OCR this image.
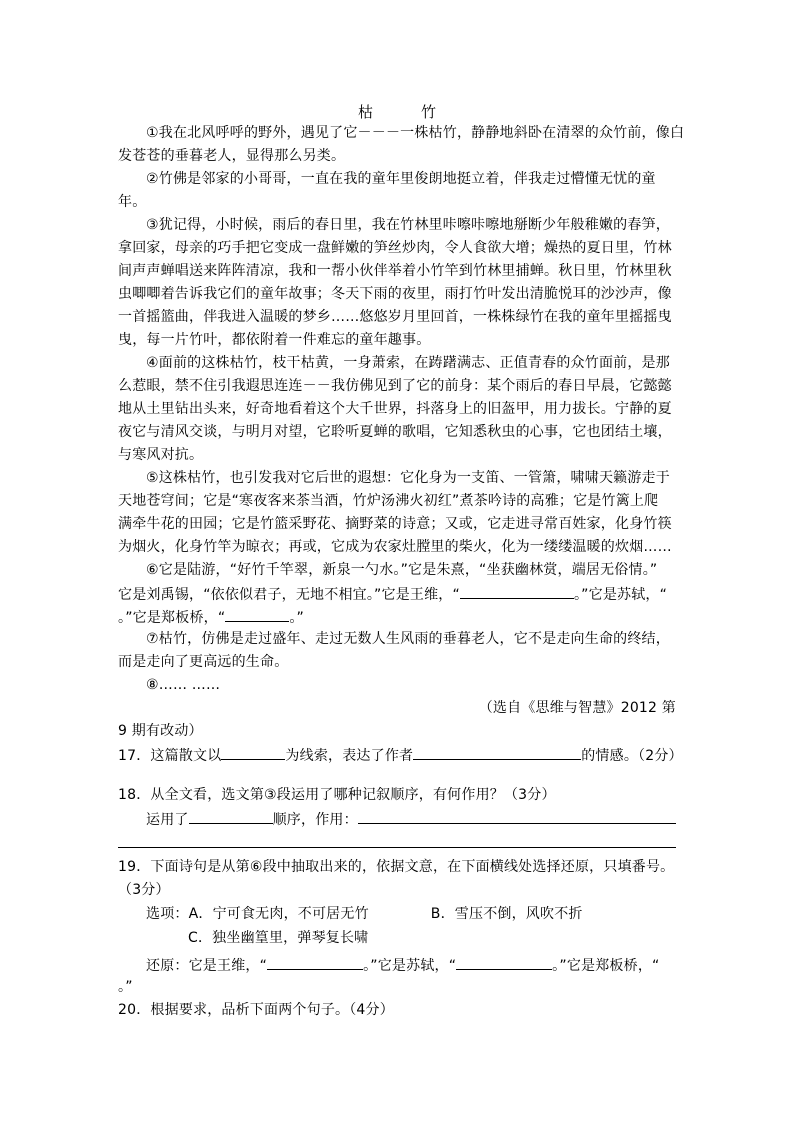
枯	竹
①我在北风呼呼的野外，遇见了它－－－一株枯竹，静静地斜卧在清翠的众竹前，像白
发苍苍的垂暮老人，显得那么另类。
②竹佛是邻家的小哥哥，一直在我的童年里俊朗地挺立着，伴我走过懵懂无忧的童
年。
③犹记得，小时候，雨后的春日里，我在竹林里咔嚓咔嚓地掰断少年般稚嫩的春笋，
拿回家，母亲的巧手把它变成一盘鲜嫩的笋丝炒肉，令人食欲大增；燥热的夏日里，竹林
间声声蝉唱送来阵阵清凉，我和一帮小伙伴举着小竹竿到竹林里捕蝉。秋日里，竹林里秋
虫唧唧着告诉我它们的童年故事；冬天下雨的夜里，雨打竹叶发出清脆悦耳的沙沙声，像
一首摇篮曲，伴我进入温暖的梦乡……悠悠岁月里回首，一株株绿竹在我的童年里摇摇曳
曳，每一片竹叶，都依附着一件难忘的童年趣事。
④面前的这株枯竹，枝干枯黄，一身萧索，在踌躇满志、正值青春的众竹面前，是那
么惹眼，禁不住引我遐思连连－－我仿佛见到了它的前身：某个雨后的春日早晨，它懿懿
地从土里钻出头来，好奇地看着这个大千世界，抖落身上的旧盔甲，用力拔长。宁静的夏
夜它与清风交谈，与明月对望，它聆听夏蝉的歌唱，它知悉秋虫的心事，它也团结土壤，
与寒风对抗。
⑤这株枯竹，也引发我对它后世的遐想：它化身为一支笛、一管箫，啸啸天籁游走于
天地苍穹间；它是“寒夜客来茶当酒，竹炉汤沸火初红”煮茶吟诗的高雅；它是竹篱上爬
满牵牛花的田园；它是竹篮采野花、摘野菜的诗意；又或，它走进寻常百姓家，化身竹筷
为烟火，化身竹竿为晾衣；再或，它成为农家灶膛里的柴火，化为一缕缕温暖的炊烟……
⑥它是陆游，“好竹千竿翠，新泉一勺水。”它是朱熹，“坐获幽林赏，端居无俗情。”
它是刘禹锡，“依依似君子，无地不相宜。”它是王维，“	。”它是苏轼，“
。”它是郑板桥，“	。”
⑦枯竹，仿佛是走过盛年、走过无数人生风雨的垂暮老人，它不是走向生命的终结，
而是走向了更高远的生命。
⑧…… ……
（选自《思维与智慧》2012 第
9 期有改动）
17．这篇散文以	为线索，表达了作者	的情感。（2分）
18．从全文看，选文第③段运用了哪种记叙顺序，有何作用？（3分）
运用了	顺序，作用：
19．下面诗句是从第⑥段中抽取出来的，依据文意，在下面横线处选择还原，只填番号。
（3分）
选项：A．宁可食无肉，不可居无竹	B．雪压不倒，风吹不折
C．独坐幽篁里，弹琴复长啸
还原：它是王维，“	。”它是苏轼，“	。”它是郑板桥，“
。”
20．根据要求，品析下面两个句子。（4分）
